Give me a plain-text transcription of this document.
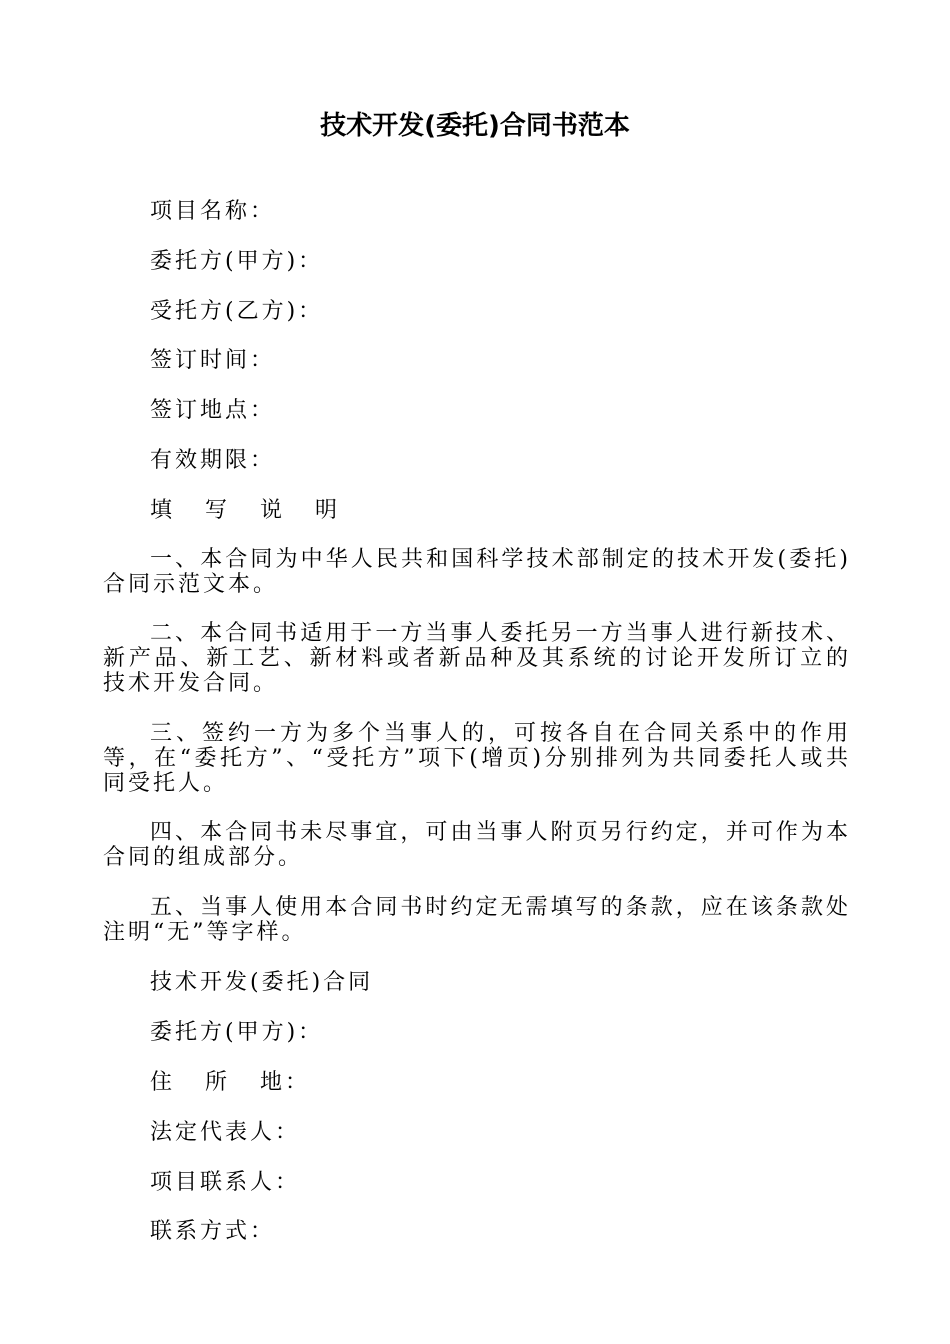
技术开发(委托)合同书范本
项目名称：
委托方(甲方)：
受托方(乙方)：
签订时间：
签订地点：
有效期限：
填 写 说 明
一、本合同为中华人民共和国科学技术部制定的技术开发(委托)合同示范文本。
二、本合同书适用于一方当事人委托另一方当事人进行新技术、新产品、新工艺、新材料或者新品种及其系统的讨论开发所订立的技术开发合同。
三、签约一方为多个当事人的，可按各自在合同关系中的作用等，在“委托方”、“受托方”项下(增页)分别排列为共同委托人或共同受托人。
四、本合同书未尽事宜，可由当事人附页另行约定，并可作为本合同的组成部分。
五、当事人使用本合同书时约定无需填写的条款，应在该条款处注明“无”等字样。
技术开发(委托)合同
委托方(甲方)：
住 所 地：
法定代表人：
项目联系人：
联系方式：
